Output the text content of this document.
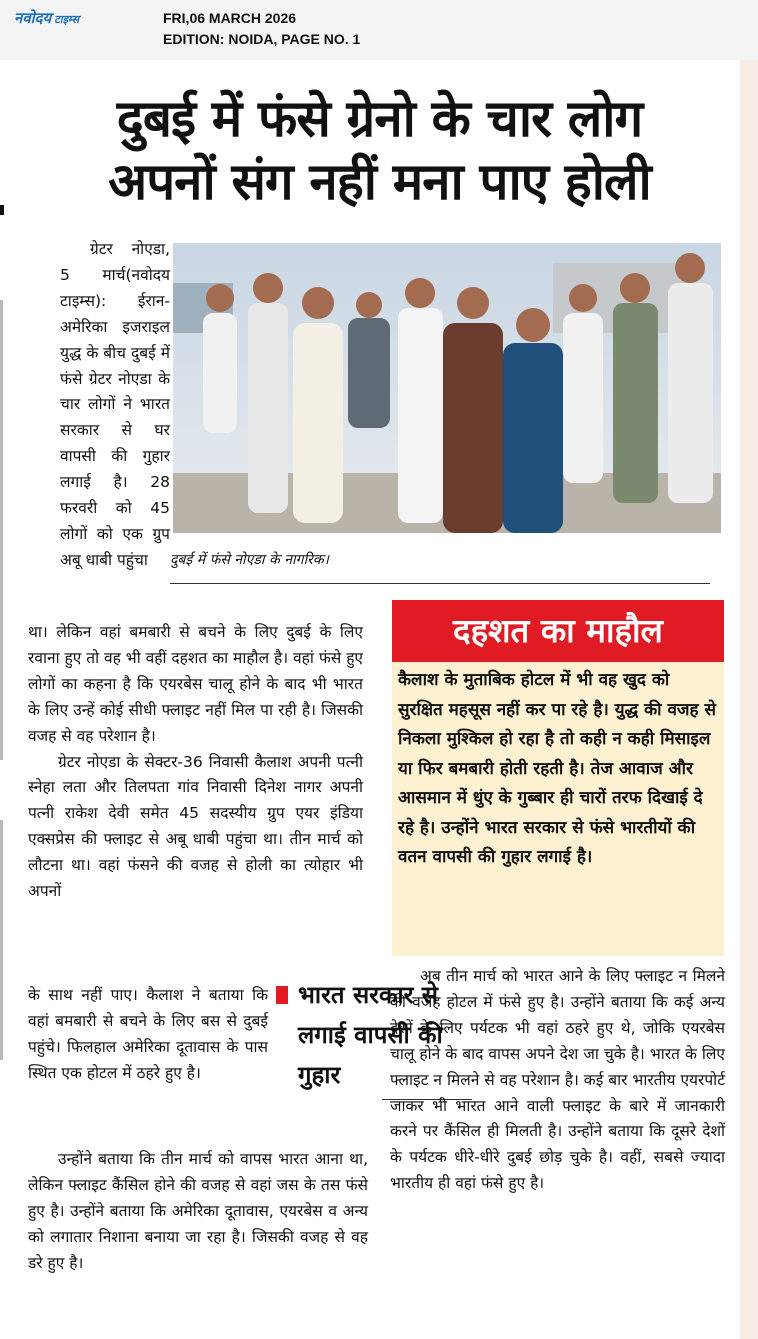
नवोदय टाइम्स	FRI,06 MARCH 2026
EDITION: NOIDA, PAGE NO. 1
दुबई में फंसे ग्रेनो के चार लोग
अपनों संग नहीं मना पाए होली

ग्रेटर नोएडा, 5 मार्च(नवोदय टाइम्स): ईरान-अमेरिका इजराइल युद्ध के बीच दुबई में फंसे ग्रेटर नोएडा के चार लोगों ने भारत सरकार से घर वापसी की गुहार लगाई है। 28 फरवरी को 45 लोगों को एक ग्रुप अबू धाबी पहुंचा	दुबई में फंसे नोएडा के नागरिक।

था। लेकिन वहां बमबारी से बचने के लिए दुबई के लिए रवाना हुए तो वह भी वहीं दहशत का माहौल है। वहां फंसे हुए लोगों का कहना है कि एयरबेस चालू होने के बाद भी भारत के लिए उन्हें कोई सीधी फ्लाइट नहीं मिल पा रही है। जिसकी वजह से वह परेशान है।

ग्रेटर नोएडा के सेक्टर-36 निवासी कैलाश अपनी पत्नी स्नेहा लता और तिलपता गांव निवासी दिनेश नागर अपनी पत्नी राकेश देवी समेत 45 सदस्यीय ग्रुप एयर इंडिया एक्सप्रेस की फ्लाइट से अबू धाबी पहुंचा था। तीन मार्च को लौटना था। वहां फंसने की वजह से होली का त्योहार भी अपनों

दहशत का माहौल
कैलाश के मुताबिक होटल में भी वह खुद को सुरक्षित महसूस नहीं कर पा रहे है। युद्ध की वजह से निकला मुश्किल हो रहा है तो कही न कही मिसाइल या फिर बमबारी होती रहती है। तेज आवाज और आसमान में धुंए के गुब्बार ही चारों तरफ दिखाई दे रहे है। उन्होंने भारत सरकार से फंसे भारतीयों की वतन वापसी की गुहार लगाई है।

के साथ नहीं पाए। कैलाश ने बताया कि वहां बमबारी से बचने के लिए बस से दुबई पहुंचे। फिलहाल अमेरिका दूतावास के पास स्थित एक होटल में ठहरे हुए है।

भारत सरकार से लगाई वापसी की गुहार

उन्होंने बताया कि तीन मार्च को वापस भारत आना था, लेकिन फ्लाइट कैंसिल होने की वजह से वहां जस के तस फंसे हुए है। उन्होंने बताया कि अमेरिका दूतावास, एयरबेस व अन्य को लगातार निशाना बनाया जा रहा है। जिसकी वजह से वह डरे हुए है।

अब तीन मार्च को भारत आने के लिए फ्लाइट न मिलने की वजह होटल में फंसे हुए है। उन्होंने बताया कि कई अन्य देशों के लिए पर्यटक भी वहां ठहरे हुए थे, जोकि एयरबेस चालू होने के बाद वापस अपने देश जा चुके है। भारत के लिए फ्लाइट न मिलने से वह परेशान है। कई बार भारतीय एयरपोर्ट जाकर भी भारत आने वाली फ्लाइट के बारे में जानकारी करने पर कैंसिल ही मिलती है। उन्होंने बताया कि दूसरे देशों के पर्यटक धीरे-धीरे दुबई छोड़ चुके है। वहीं, सबसे ज्यादा भारतीय ही वहां फंसे हुए है।
